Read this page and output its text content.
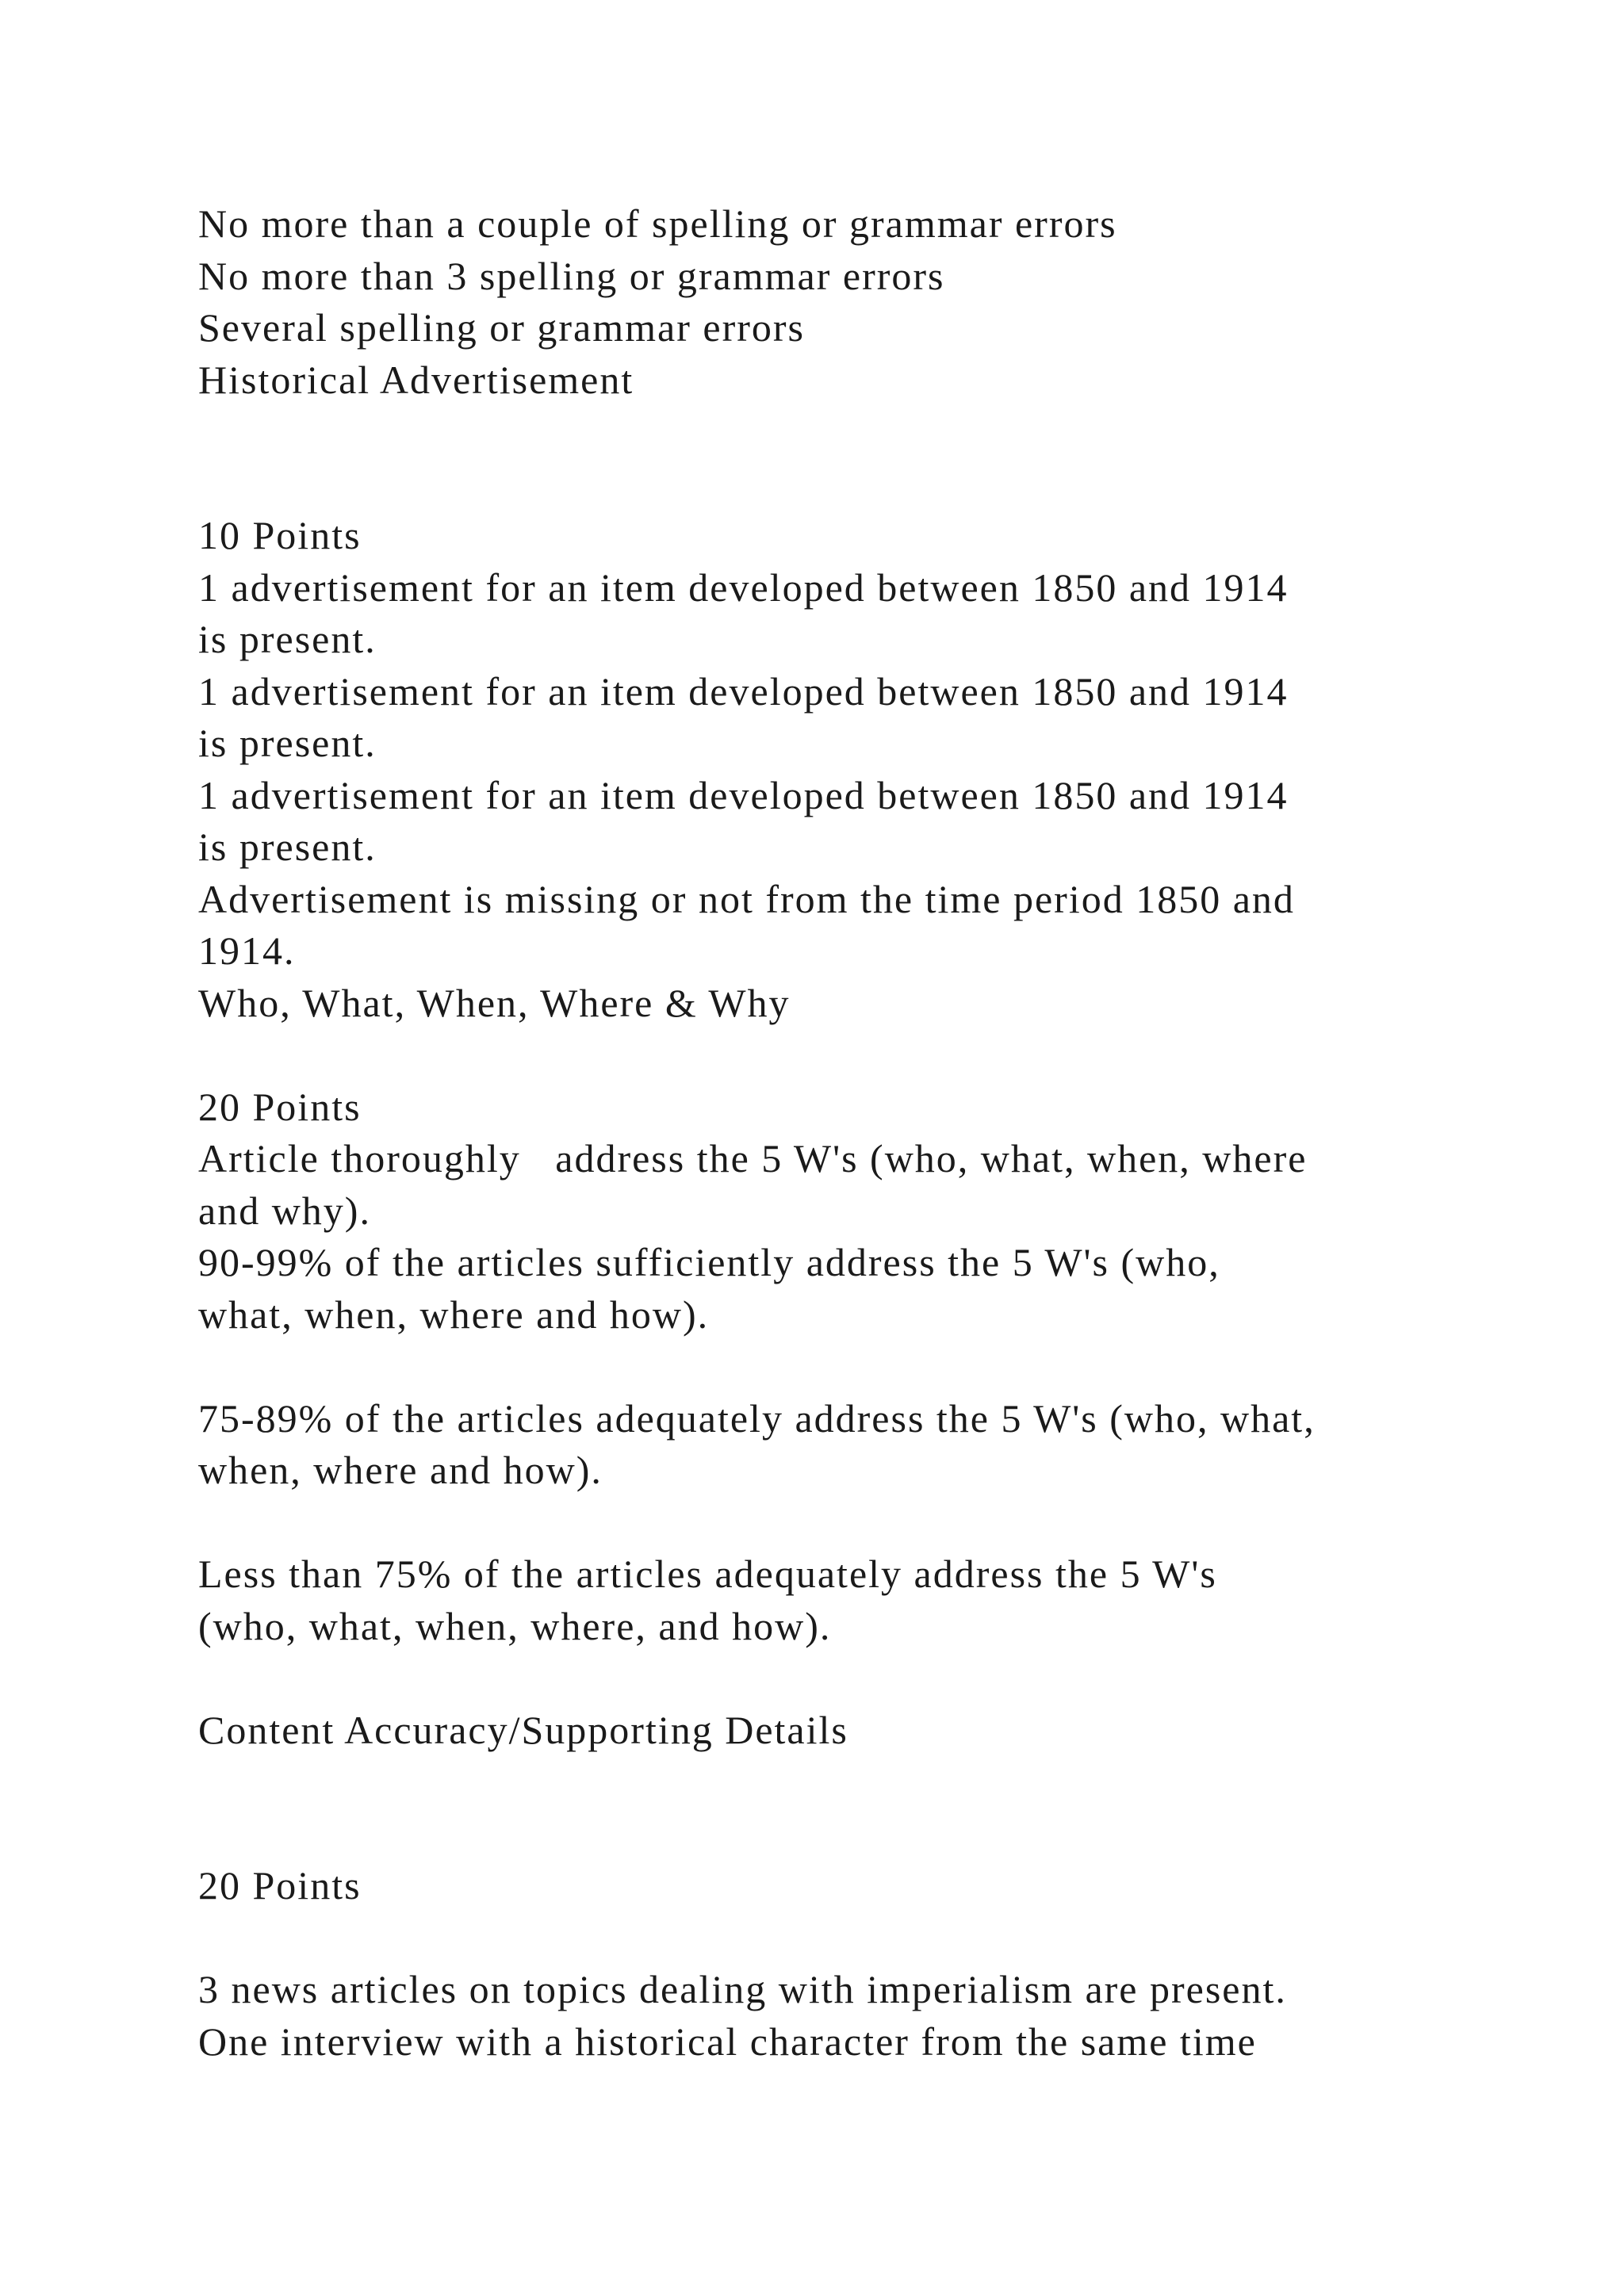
No more than a couple of spelling or grammar errors
No more than 3 spelling or grammar errors
Several spelling or grammar errors
Historical Advertisement
10 Points
1 advertisement for an item developed between 1850 and 1914
is present.
1 advertisement for an item developed between 1850 and 1914
is present.
1 advertisement for an item developed between 1850 and 1914
is present.
Advertisement is missing or not from the time period 1850 and
1914.
Who, What, When, Where & Why
20 Points
Article thoroughly   address the 5 W's (who, what, when, where
and why).
90-99% of the articles sufficiently address the 5 W's (who,
what, when, where and how).
75-89% of the articles adequately address the 5 W's (who, what,
when, where and how).
Less than 75% of the articles adequately address the 5 W's
(who, what, when, where, and how).
Content Accuracy/Supporting Details
20 Points
3 news articles on topics dealing with imperialism are present.
One interview with a historical character from the same time
